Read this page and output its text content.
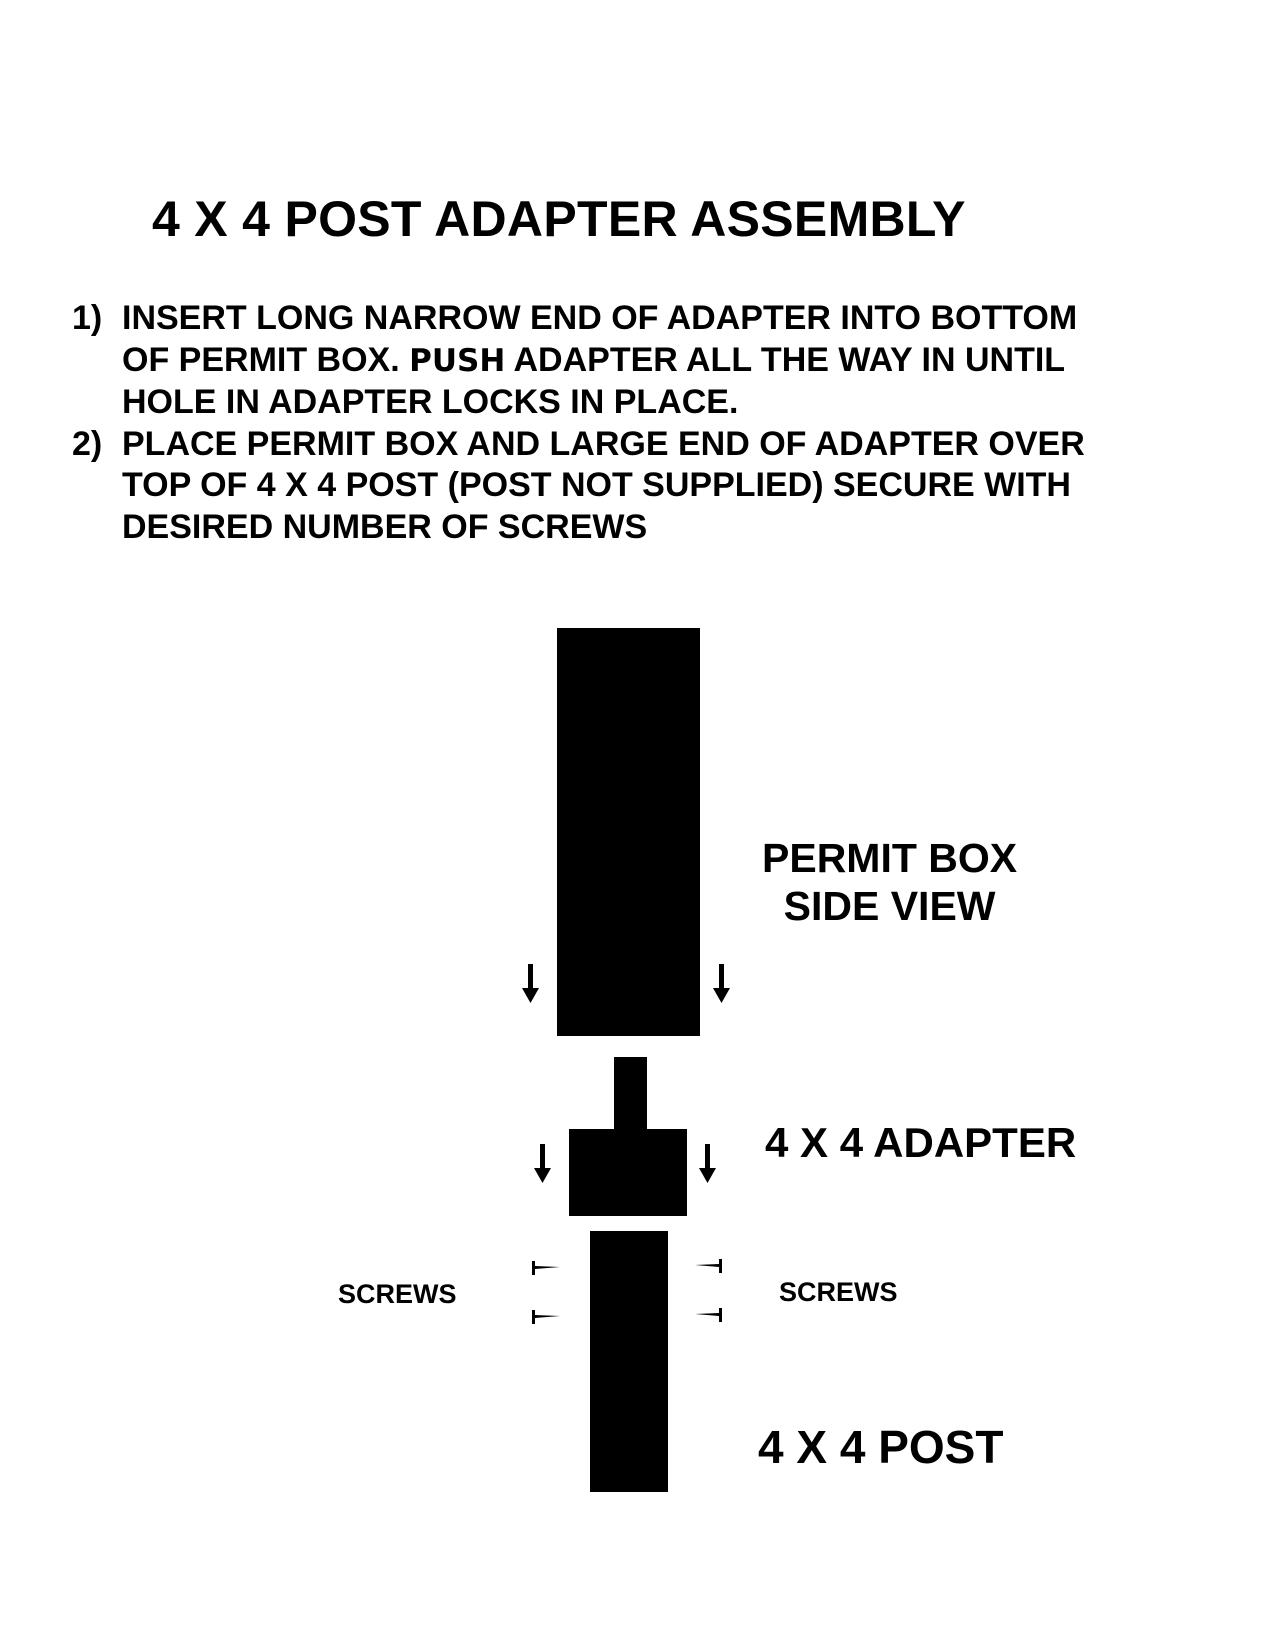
4 X 4 POST ADAPTER ASSEMBLY
1) INSERT LONG NARROW END OF ADAPTER INTO BOTTOM
OF PERMIT BOX. PUSH ADAPTER ALL THE WAY IN UNTIL
HOLE IN ADAPTER LOCKS IN PLACE.
2) PLACE PERMIT BOX AND LARGE END OF ADAPTER OVER
TOP OF 4 X 4 POST (POST NOT SUPPLIED) SECURE WITH
DESIRED NUMBER OF SCREWS
PERMIT BOX
SIDE VIEW
4 X 4 ADAPTER
SCREWS	SCREWS
4 X 4 POST
